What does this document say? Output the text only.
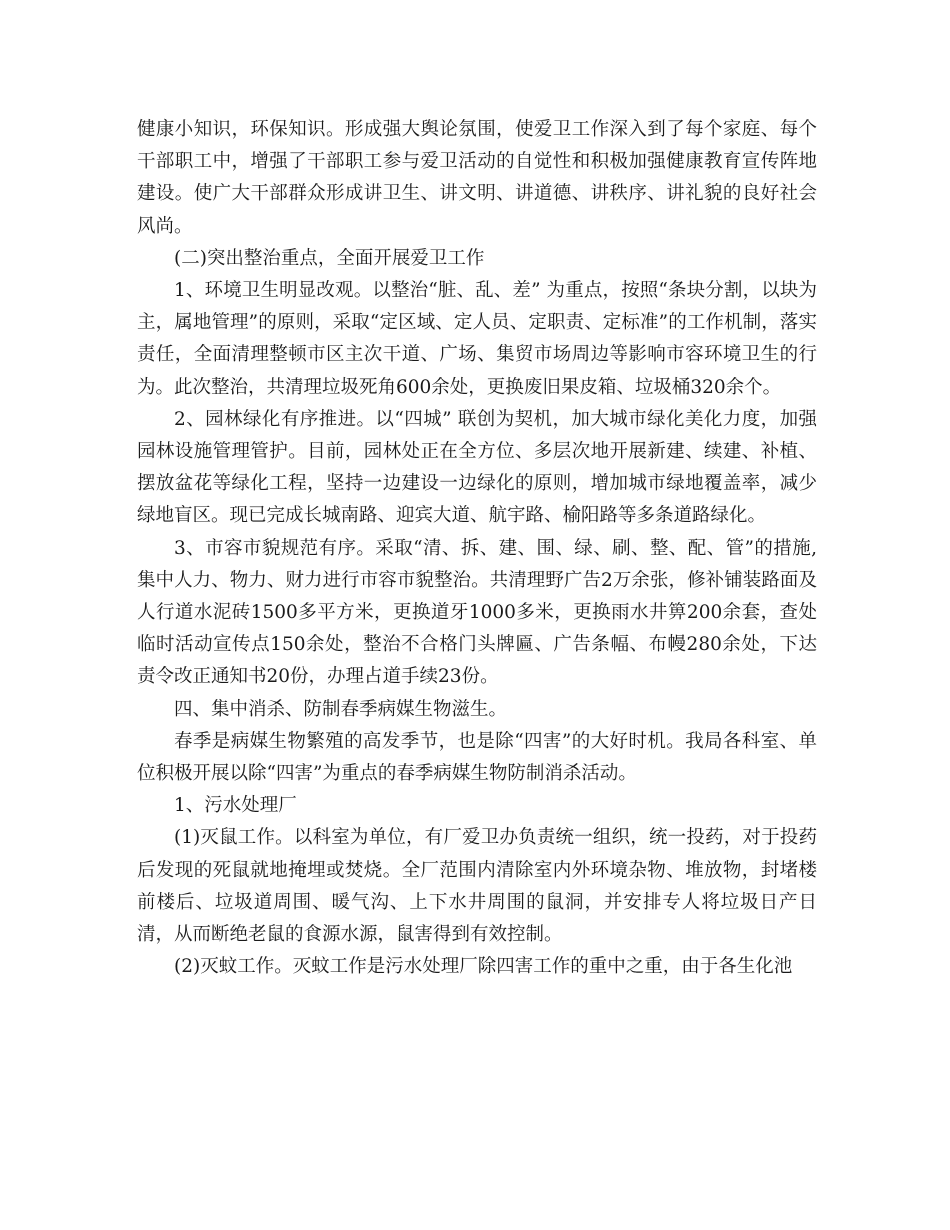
健康小知识，环保知识。形成强大舆论氛围，使爱卫工作深入到了每个家庭、每个干部职工中，增强了干部职工参与爱卫活动的自觉性和积极加强健康教育宣传阵地建设。使广大干部群众形成讲卫生、讲文明、讲道德、讲秩序、讲礼貌的良好社会风尚。

(二)突出整治重点，全面开展爱卫工作

1、环境卫生明显改观。以整治“脏、乱、差” 为重点，按照“条块分割，以块为主，属地管理”的原则，采取“定区域、定人员、定职责、定标准”的工作机制，落实责任，全面清理整顿市区主次干道、广场、集贸市场周边等影响市容环境卫生的行为。此次整治，共清理垃圾死角600余处，更换废旧果皮箱、垃圾桶320余个。

2、园林绿化有序推进。以“四城” 联创为契机，加大城市绿化美化力度，加强园林设施管理管护。目前，园林处正在全方位、多层次地开展新建、续建、补植、摆放盆花等绿化工程，坚持一边建设一边绿化的原则，增加城市绿地覆盖率，减少绿地盲区。现已完成长城南路、迎宾大道、航宇路、榆阳路等多条道路绿化。

3、市容市貌规范有序。采取“清、拆、建、围、绿、刷、整、配、管”的措施,集中人力、物力、财力进行市容市貌整治。共清理野广告2万余张，修补铺装路面及人行道水泥砖1500多平方米，更换道牙1000多米，更换雨水井箅200余套，查处临时活动宣传点150余处，整治不合格门头牌匾、广告条幅、布幔280余处，下达责令改正通知书20份，办理占道手续23份。

四、集中消杀、防制春季病媒生物滋生。

春季是病媒生物繁殖的高发季节，也是除“四害”的大好时机。我局各科室、单位积极开展以除“四害”为重点的春季病媒生物防制消杀活动。

1、污水处理厂

(1)灭鼠工作。以科室为单位，有厂爱卫办负责统一组织，统一投药，对于投药后发现的死鼠就地掩埋或焚烧。全厂范围内清除室内外环境杂物、堆放物，封堵楼前楼后、垃圾道周围、暖气沟、上下水井周围的鼠洞，并安排专人将垃圾日产日清，从而断绝老鼠的食源水源，鼠害得到有效控制。

(2)灭蚊工作。灭蚊工作是污水处理厂除四害工作的重中之重，由于各生化池
